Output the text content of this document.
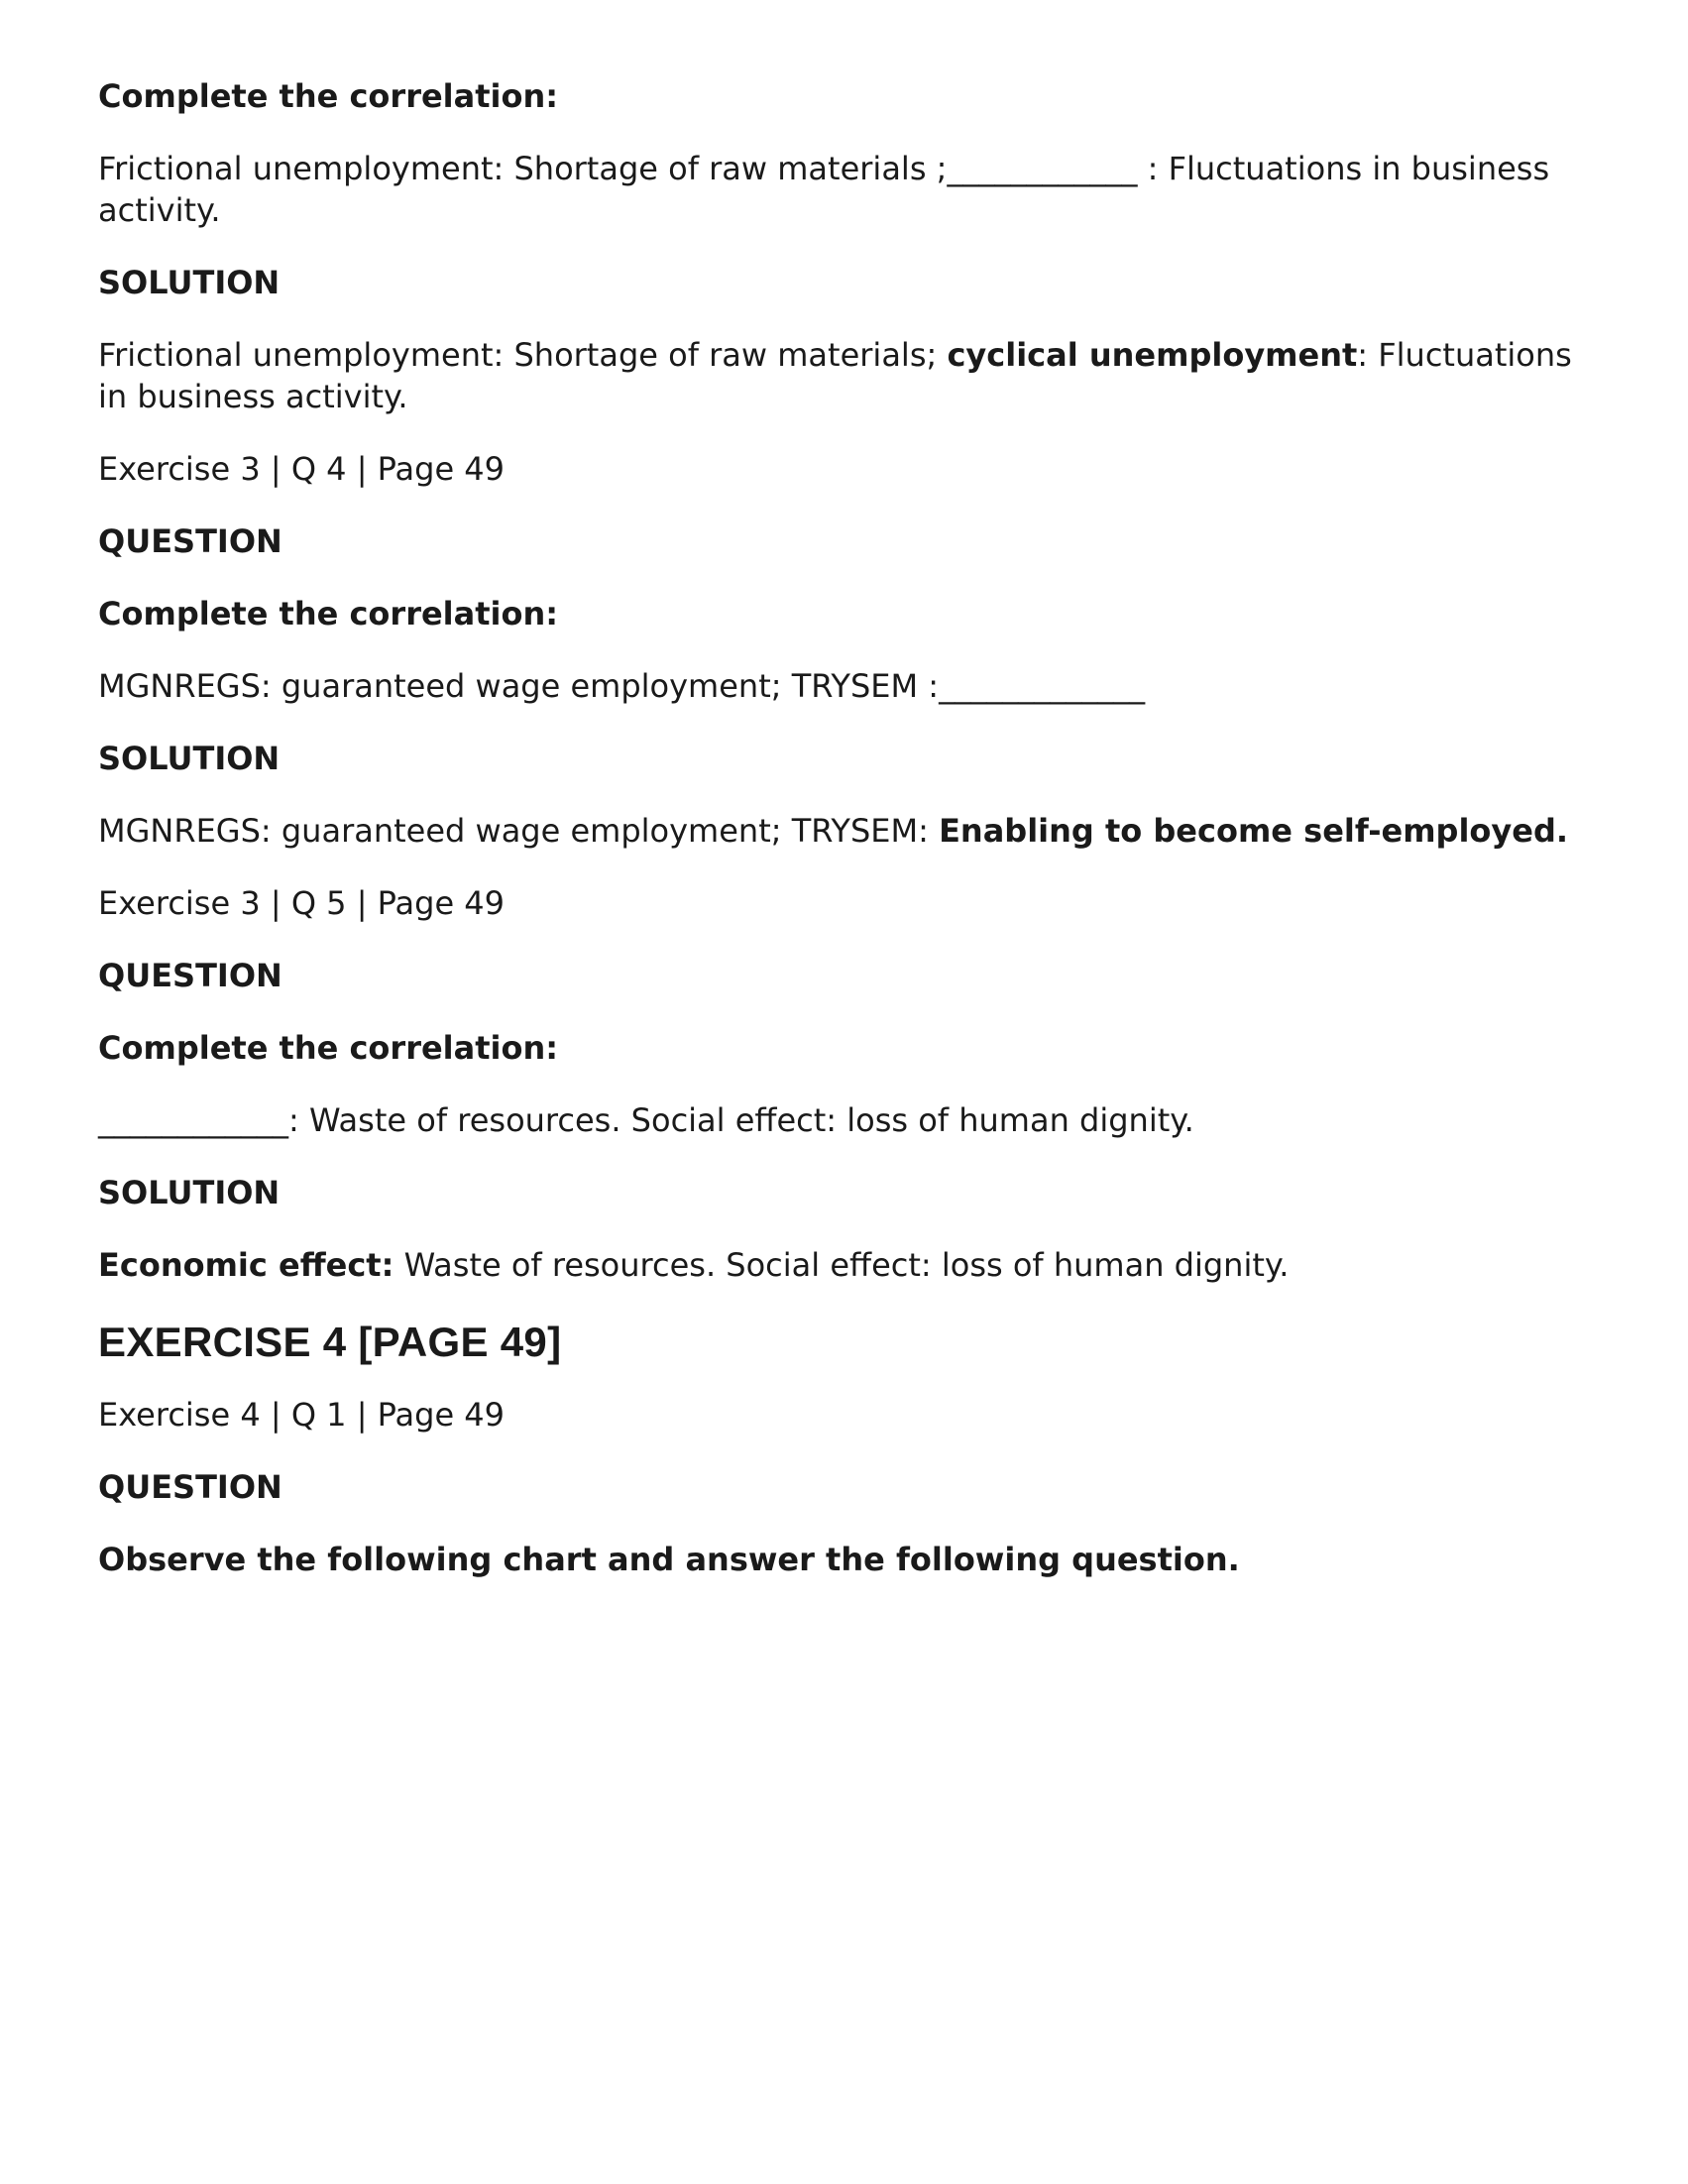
Complete the correlation:
Frictional unemployment: Shortage of raw materials ;____________ : Fluctuations in business activity.
SOLUTION
Frictional unemployment: Shortage of raw materials; cyclical unemployment: Fluctuations in business activity.
Exercise 3 | Q 4 | Page 49
QUESTION
Complete the correlation:
MGNREGS: guaranteed wage employment; TRYSEM :_____________
SOLUTION
MGNREGS: guaranteed wage employment; TRYSEM: Enabling to become self-employed.
Exercise 3 | Q 5 | Page 49
QUESTION
Complete the correlation:
____________: Waste of resources. Social effect: loss of human dignity.
SOLUTION
Economic effect: Waste of resources. Social effect: loss of human dignity.
EXERCISE 4 [PAGE 49]
Exercise 4 | Q 1 | Page 49
QUESTION
Observe the following chart and answer the following question.
